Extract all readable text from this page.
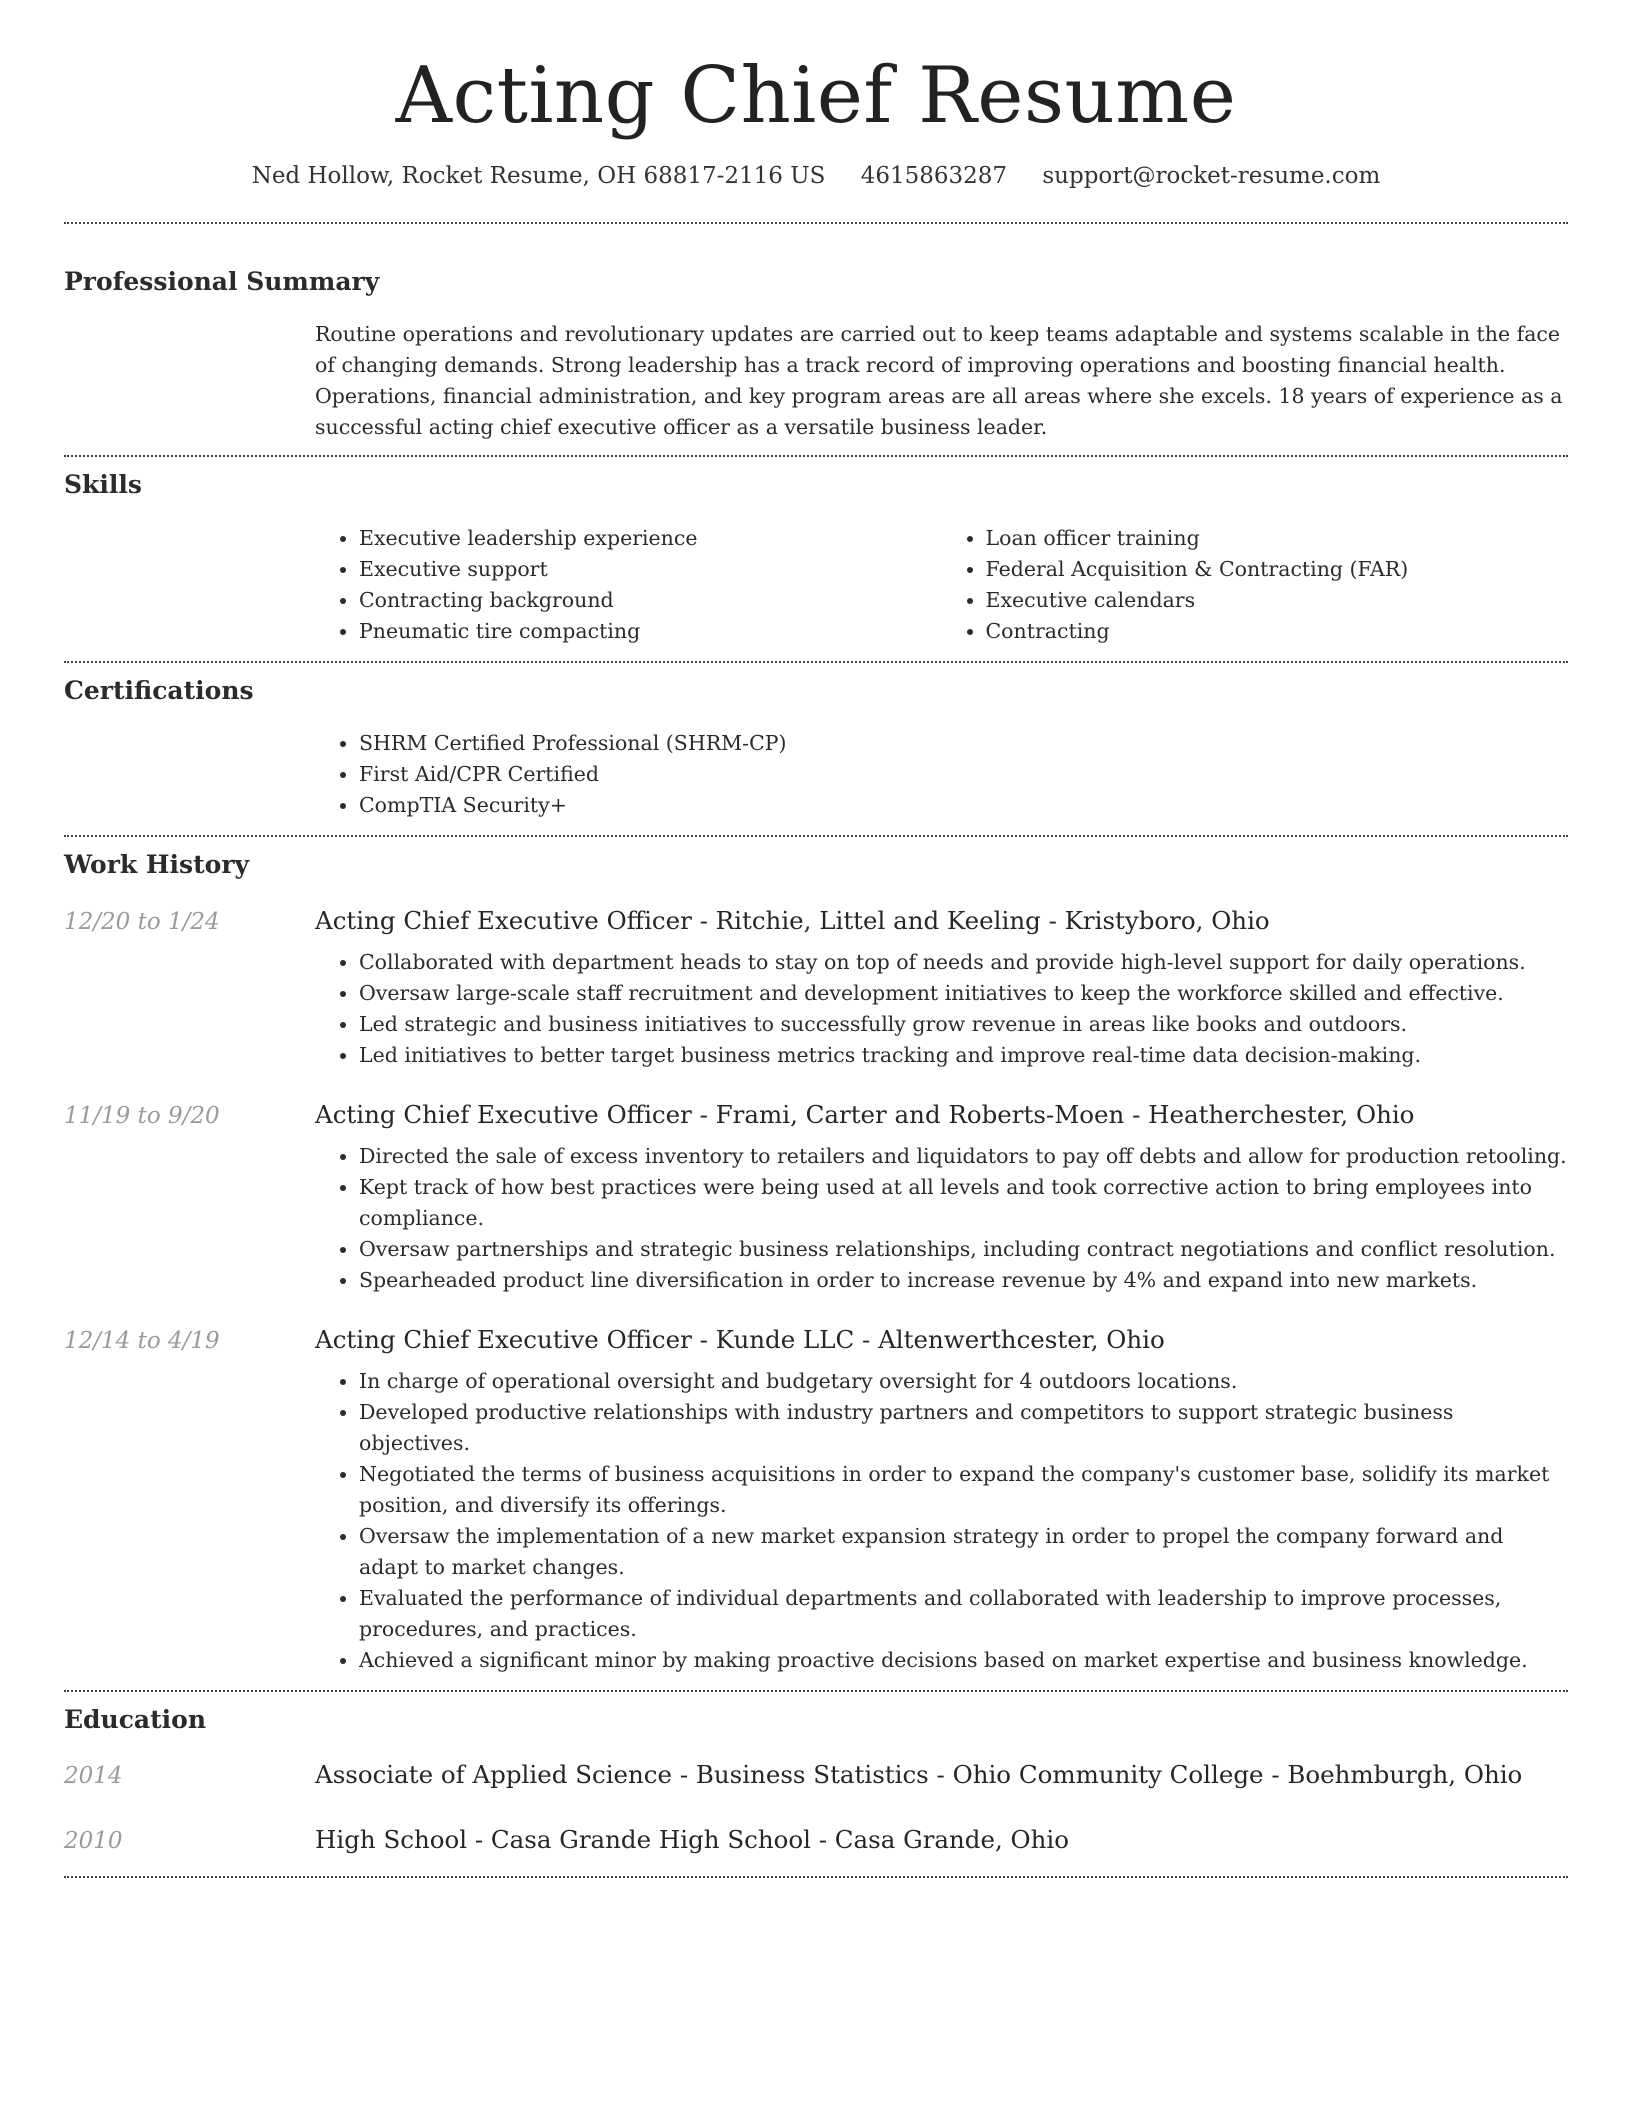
Acting Chief Resume
Ned Hollow, Rocket Resume, OH 68817-2116 US 4615863287 support@rocket-resume.com
Professional Summary

Routine operations and revolutionary updates are carried out to keep teams adaptable and systems scalable in the face of changing demands. Strong leadership has a track record of improving operations and boosting financial health. Operations, financial administration, and key program areas are all areas where she excels. 18 years of experience as a successful acting chief executive officer as a versatile business leader.

Skills
• Executive leadership experience
• Executive support
• Contracting background
• Pneumatic tire compacting
• Loan officer training
• Federal Acquisition & Contracting (FAR)
• Executive calendars
• Contracting
Certifications
• SHRM Certified Professional (SHRM-CP)
• First Aid/CPR Certified
• CompTIA Security+
Work History
12/20 to 1/24	Acting Chief Executive Officer - Ritchie, Littel and Keeling - Kristyboro, Ohio
• Collaborated with department heads to stay on top of needs and provide high-level support for daily operations.
• Oversaw large-scale staff recruitment and development initiatives to keep the workforce skilled and effective.
• Led strategic and business initiatives to successfully grow revenue in areas like books and outdoors.
• Led initiatives to better target business metrics tracking and improve real-time data decision-making.
11/19 to 9/20	Acting Chief Executive Officer - Frami, Carter and Roberts-Moen - Heatherchester, Ohio
• Directed the sale of excess inventory to retailers and liquidators to pay off debts and allow for production retooling.
• Kept track of how best practices were being used at all levels and took corrective action to bring employees into compliance.
• Oversaw partnerships and strategic business relationships, including contract negotiations and conflict resolution.
• Spearheaded product line diversification in order to increase revenue by 4% and expand into new markets.
12/14 to 4/19	Acting Chief Executive Officer - Kunde LLC - Altenwerthcester, Ohio
• In charge of operational oversight and budgetary oversight for 4 outdoors locations.
• Developed productive relationships with industry partners and competitors to support strategic business objectives.
• Negotiated the terms of business acquisitions in order to expand the company's customer base, solidify its market position, and diversify its offerings.
• Oversaw the implementation of a new market expansion strategy in order to propel the company forward and adapt to market changes.
• Evaluated the performance of individual departments and collaborated with leadership to improve processes, procedures, and practices.
• Achieved a significant minor by making proactive decisions based on market expertise and business knowledge.
Education
2014	Associate of Applied Science - Business Statistics - Ohio Community College - Boehmburgh, Ohio
2010	High School - Casa Grande High School - Casa Grande, Ohio
